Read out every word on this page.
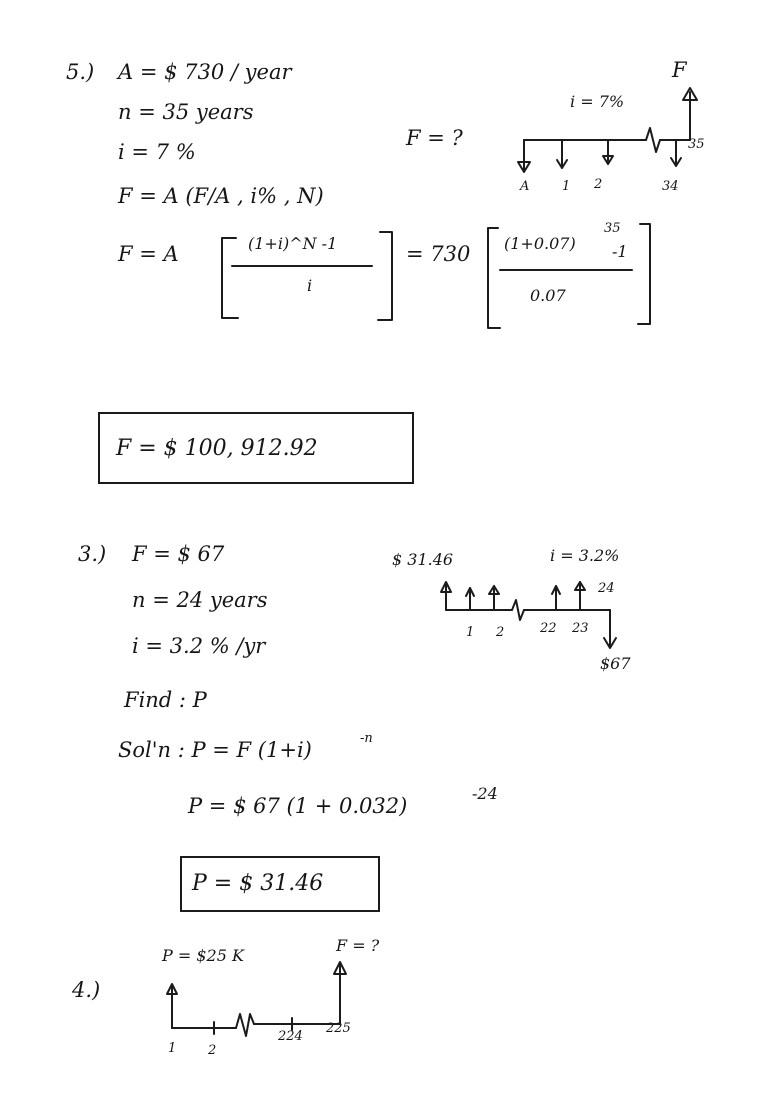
5.) A = $ 730 / year
n = 35 years
i = 7 %
F = ?
F = A (F/A , i% , N)
F = A	(1+i)^N -1
i
= 730 (1+0.07)
35
-1
0.07
F = $ 100, 912.92
F
i = 7%
A	1 2	34
35
3.) F = $ 67
n = 24 years
i = 3.2 % /yr
Find : P
Sol'n : P = F (1+i)	-n
P = $ 67 (1 + 0.032)
-24
P = $ 31.46
$ 31.46	i = 3.2%
1 2	22 23
24
$67
4.)
P = $25 K
F = ?
1 2
224
225
